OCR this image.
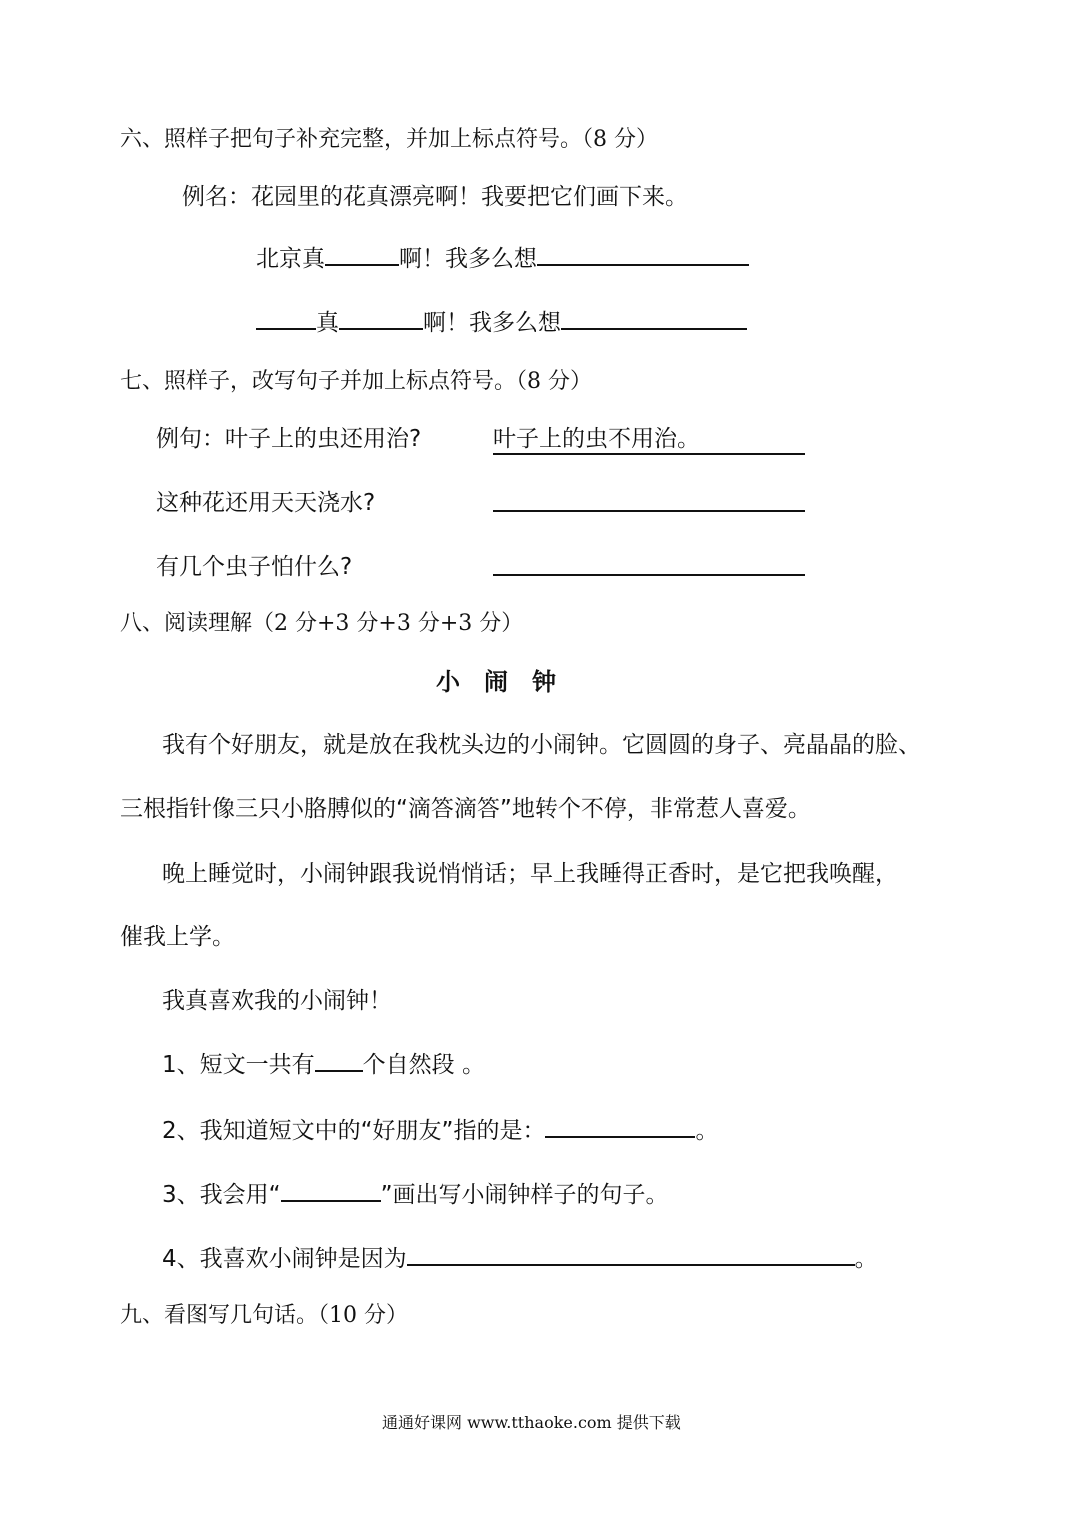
六、照样子把句子补充完整，并加上标点符号。（8 分）
例名：花园里的花真漂亮啊！我要把它们画下来。
北京真	啊！我多么想
真	啊！我多么想
七、照样子，改写句子并加上标点符号。（8 分）
例句：叶子上的虫还用治?	叶子上的虫不用治。
这种花还用天天浇水?
有几个虫子怕什么?
八、阅读理解（2 分+3 分+3 分+3 分）
小闹钟
我有个好朋友，就是放在我枕头边的小闹钟。它圆圆的身子、亮晶晶的脸、
三根指针像三只小胳膊似的“滴答滴答”地转个不停，非常惹人喜爱。
晚上睡觉时，小闹钟跟我说悄悄话；早上我睡得正香时，是它把我唤醒，
催我上学。
我真喜欢我的小闹钟！
1、短文一共有 个自然段 。
2、我知道短文中的“好朋友”指的是：	。
3、我会用“	”画出写小闹钟样子的句子。
4、我喜欢小闹钟是因为	。
九、看图写几句话。（10 分）
通通好课网 www.tthaoke.com 提供下载
